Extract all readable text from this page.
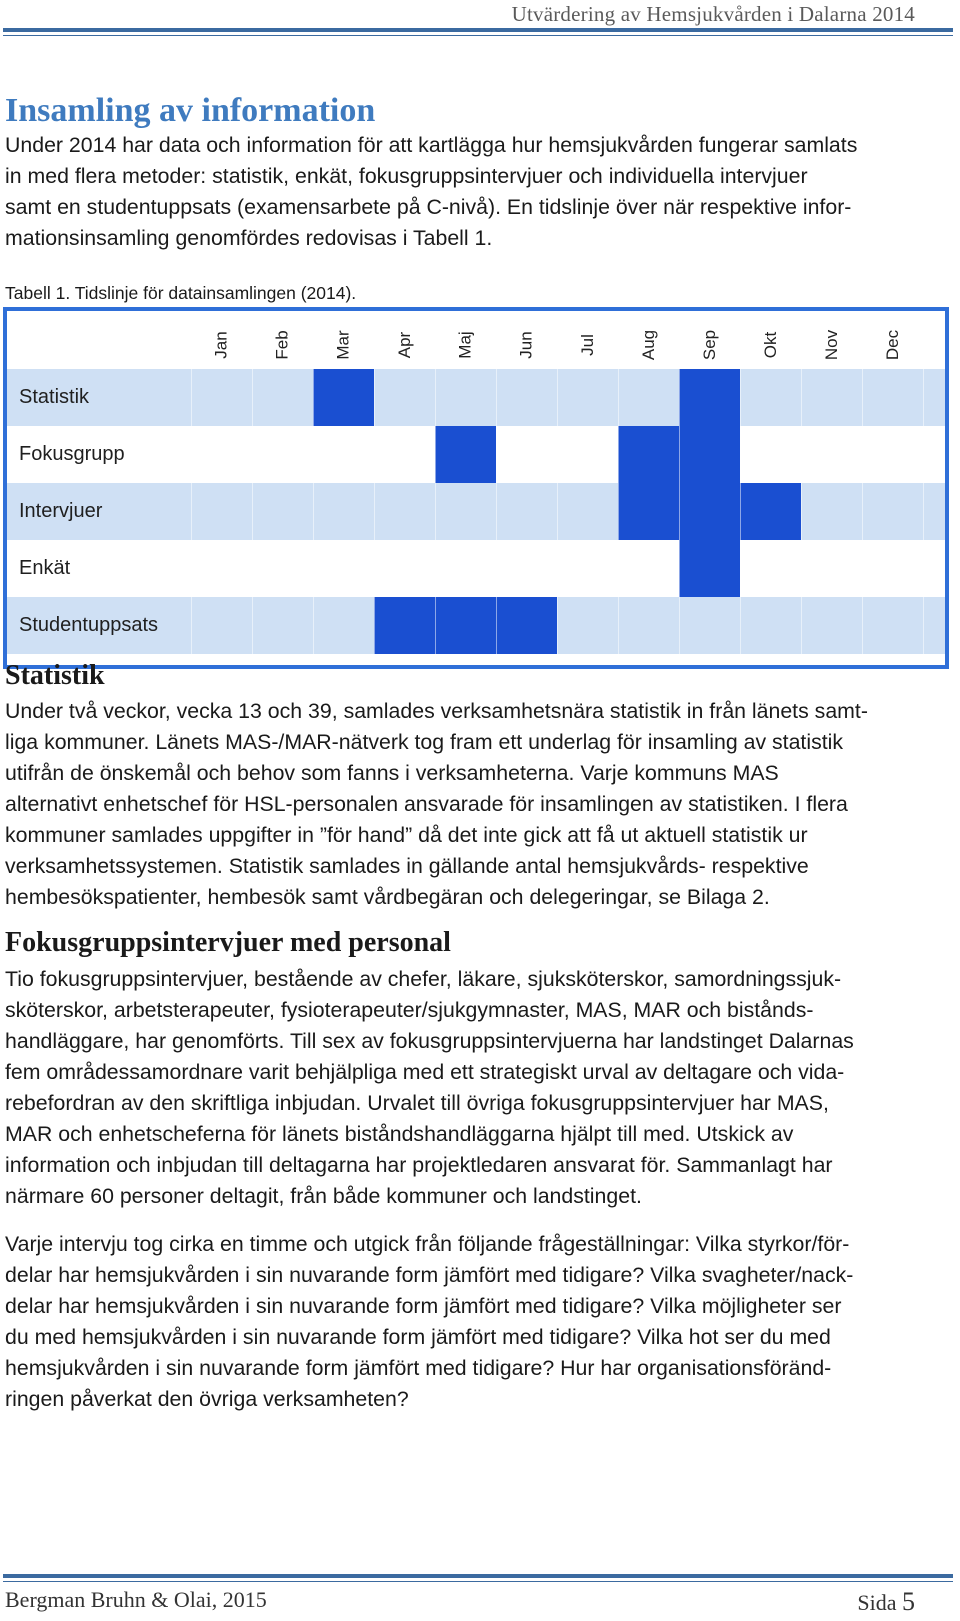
Utvärdering av Hemsjukvården i Dalarna 2014
Insamling av information
Under 2014 har data och information för att kartlägga hur hemsjukvården fungerar samlats
in med flera metoder: statistik, enkät, fokusgruppsintervjuer och individuella intervjuer
samt en studentuppsats (examensarbete på C-nivå). En tidslinje över när respektive infor-
mationsinsamling genomfördes redovisas i Tabell 1.
Tabell 1. Tidslinje för datainsamlingen (2014).
Jan Feb Mar Apr Maj Jun Jul Aug Sep Okt Nov Dec
Statistik
Fokusgrupp
Intervjuer
Enkät
Studentuppsats
Statistik
Under två veckor, vecka 13 och 39, samlades verksamhetsnära statistik in från länets samt-
liga kommuner. Länets MAS-/MAR-nätverk tog fram ett underlag för insamling av statistik
utifrån de önskemål och behov som fanns i verksamheterna. Varje kommuns MAS
alternativt enhetschef för HSL-personalen ansvarade för insamlingen av statistiken. I flera
kommuner samlades uppgifter in ”för hand” då det inte gick att få ut aktuell statistik ur
verksamhetssystemen. Statistik samlades in gällande antal hemsjukvårds- respektive
hembesökspatienter, hembesök samt vårdbegäran och delegeringar, se Bilaga 2.
Fokusgruppsintervjuer med personal
Tio fokusgruppsintervjuer, bestående av chefer, läkare, sjuksköterskor, samordningssjuk-
sköterskor, arbetsterapeuter, fysioterapeuter/sjukgymnaster, MAS, MAR och bistånds-
handläggare, har genomförts. Till sex av fokusgruppsintervjuerna har landstinget Dalarnas
fem områdessamordnare varit behjälpliga med ett strategiskt urval av deltagare och vida-
rebefordran av den skriftliga inbjudan. Urvalet till övriga fokusgruppsintervjuer har MAS,
MAR och enhetscheferna för länets biståndshandläggarna hjälpt till med. Utskick av
information och inbjudan till deltagarna har projektledaren ansvarat för. Sammanlagt har
närmare 60 personer deltagit, från både kommuner och landstinget.
Varje intervju tog cirka en timme och utgick från följande frågeställningar: Vilka styrkor/för-
delar har hemsjukvården i sin nuvarande form jämfört med tidigare? Vilka svagheter/nack-
delar har hemsjukvården i sin nuvarande form jämfört med tidigare? Vilka möjligheter ser
du med hemsjukvården i sin nuvarande form jämfört med tidigare? Vilka hot ser du med
hemsjukvården i sin nuvarande form jämfört med tidigare? Hur har organisationsföränd-
ringen påverkat den övriga verksamheten?
Bergman Bruhn & Olai, 2015	Sida 5
